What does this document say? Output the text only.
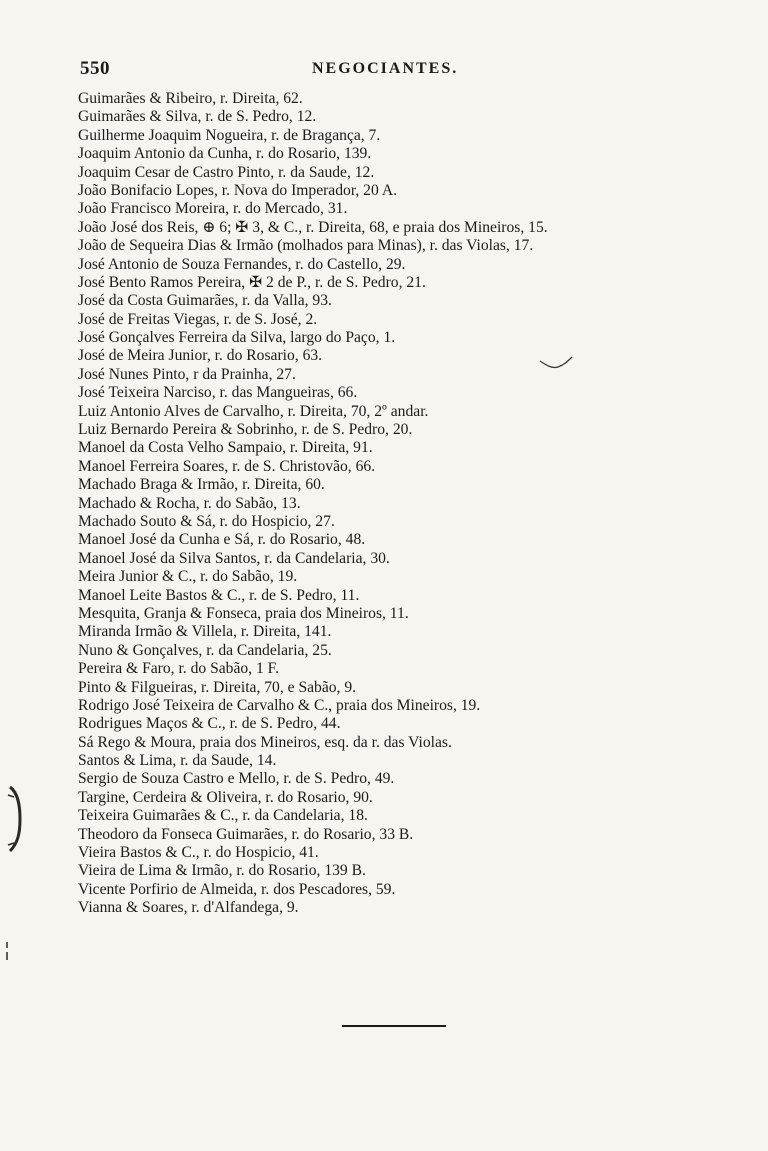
550	NEGOCIANTES.
Guimarães & Ribeiro, r. Direita, 62.
Guimarães & Silva, r. de S. Pedro, 12.
Guilherme Joaquim Nogueira, r. de Bragança, 7.
Joaquim Antonio da Cunha, r. do Rosario, 139.
Joaquim Cesar de Castro Pinto, r. da Saude, 12.
João Bonifacio Lopes, r. Nova do Imperador, 20 A.
João Francisco Moreira, r. do Mercado, 31.
João José dos Reis, ⊕ 6; ✠ 3, & C., r. Direita, 68, e praia dos Mineiros, 15.
João de Sequeira Dias & Irmão (molhados para Minas), r. das Violas, 17.
José Antonio de Souza Fernandes, r. do Castello, 29.
José Bento Ramos Pereira, ✠ 2 de P., r. de S. Pedro, 21.
José da Costa Guimarães, r. da Valla, 93.
José de Freitas Viegas, r. de S. José, 2.
José Gonçalves Ferreira da Silva, largo do Paço, 1.
José de Meira Junior, r. do Rosario, 63.
José Nunes Pinto, r da Prainha, 27.
José Teixeira Narciso, r. das Mangueiras, 66.
Luiz Antonio Alves de Carvalho, r. Direita, 70, 2º andar.
Luiz Bernardo Pereira & Sobrinho, r. de S. Pedro, 20.
Manoel da Costa Velho Sampaio, r. Direita, 91.
Manoel Ferreira Soares, r. de S. Christovão, 66.
Machado Braga & Irmão, r. Direita, 60.
Machado & Rocha, r. do Sabão, 13.
Machado Souto & Sá, r. do Hospicio, 27.
Manoel José da Cunha e Sá, r. do Rosario, 48.
Manoel José da Silva Santos, r. da Candelaria, 30.
Meira Junior & C., r. do Sabão, 19.
Manoel Leite Bastos & C., r. de S. Pedro, 11.
Mesquita, Granja & Fonseca, praia dos Mineiros, 11.
Miranda Irmão & Villela, r. Direita, 141.
Nuno & Gonçalves, r. da Candelaria, 25.
Pereira & Faro, r. do Sabão, 1 F.
Pinto & Filgueiras, r. Direita, 70, e Sabão, 9.
Rodrigo José Teixeira de Carvalho & C., praia dos Mineiros, 19.
Rodrigues Maços & C., r. de S. Pedro, 44.
Sá Rego & Moura, praia dos Mineiros, esq. da r. das Violas.
Santos & Lima, r. da Saude, 14.
Sergio de Souza Castro e Mello, r. de S. Pedro, 49.
Targine, Cerdeira & Oliveira, r. do Rosario, 90.
Teixeira Guimarães & C., r. da Candelaria, 18.
Theodoro da Fonseca Guimarães, r. do Rosario, 33 B.
Vieira Bastos & C., r. do Hospicio, 41.
Vieira de Lima & Irmão, r. do Rosario, 139 B.
Vicente Porfirio de Almeida, r. dos Pescadores, 59.
Vianna & Soares, r. d'Alfandega, 9.
